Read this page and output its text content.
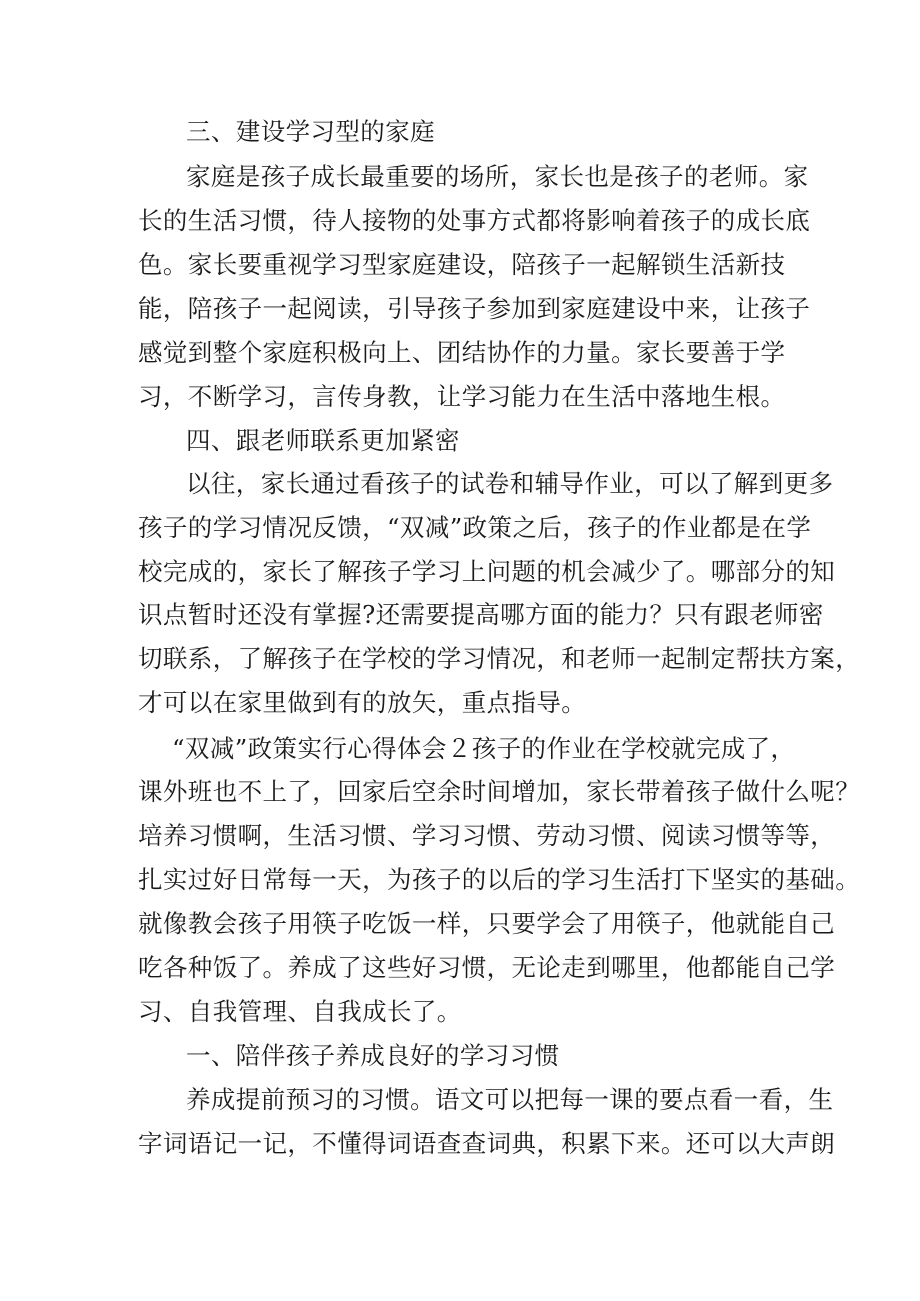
三、建设学习型的家庭
家庭是孩子成长最重要的场所，家长也是孩子的老师。家
长的生活习惯，待人接物的处事方式都将影响着孩子的成长底
色。家长要重视学习型家庭建设，陪孩子一起解锁生活新技
能，陪孩子一起阅读，引导孩子参加到家庭建设中来，让孩子
感觉到整个家庭积极向上、团结协作的力量。家长要善于学
习，不断学习，言传身教，让学习能力在生活中落地生根。
四、跟老师联系更加紧密
以往，家长通过看孩子的试卷和辅导作业，可以了解到更多
孩子的学习情况反馈，“双减”政策之后，孩子的作业都是在学
校完成的，家长了解孩子学习上问题的机会减少了。哪部分的知
识点暂时还没有掌握?还需要提高哪方面的能力？只有跟老师密
切联系，了解孩子在学校的学习情况，和老师一起制定帮扶方案，
才可以在家里做到有的放矢，重点指导。
“双减”政策实行心得体会２孩子的作业在学校就完成了，
课外班也不上了，回家后空余时间增加，家长带着孩子做什么呢？
培养习惯啊，生活习惯、学习习惯、劳动习惯、阅读习惯等等，
扎实过好日常每一天，为孩子的以后的学习生活打下坚实的基础。
就像教会孩子用筷子吃饭一样，只要学会了用筷子，他就能自己
吃各种饭了。养成了这些好习惯，无论走到哪里，他都能自己学
习、自我管理、自我成长了。
一、陪伴孩子养成良好的学习习惯
养成提前预习的习惯。语文可以把每一课的要点看一看，生
字词语记一记，不懂得词语查查词典，积累下来。还可以大声朗
